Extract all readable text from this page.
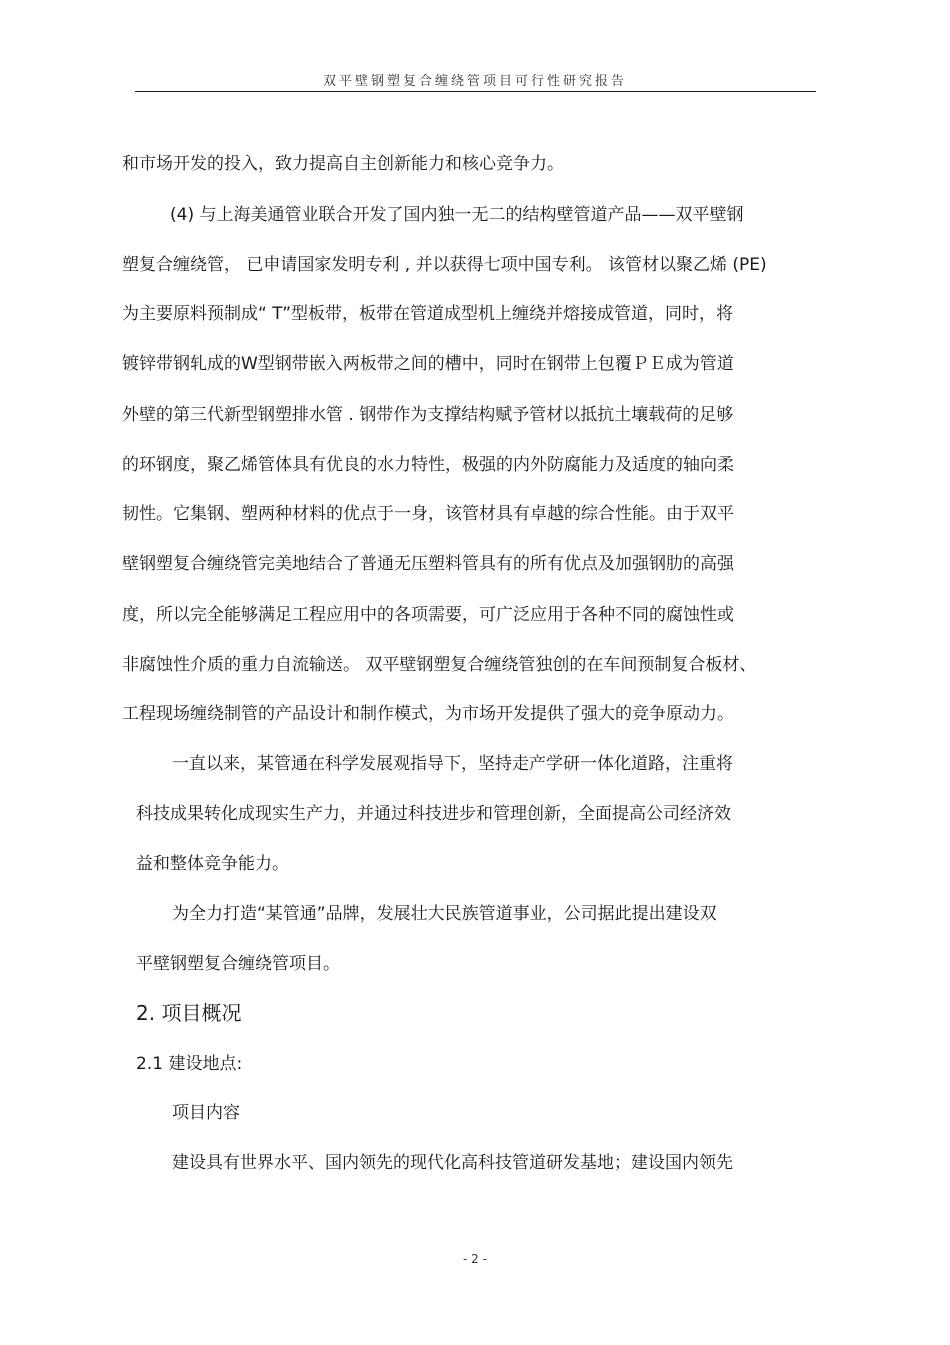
双平壁钢塑复合缠绕管项目可行性研究报告
和市场开发的投入，致力提高自主创新能力和核心竞争力。
(4) 与上海美通管业联合开发了国内独一无二的结构壁管道产品——双平壁钢
塑复合缠绕管， 已申请国家发明专利 , 并以获得七项中国专利。 该管材以聚乙烯 (PE)
为主要原料预制成“ T”型板带，板带在管道成型机上缠绕并熔接成管道，同时，将
镀锌带钢轧成的W型钢带嵌入两板带之间的槽中，同时在钢带上包覆ＰＥ成为管道
外壁的第三代新型钢塑排水管 . 钢带作为支撑结构赋予管材以抵抗土壤载荷的足够
的环钢度，聚乙烯管体具有优良的水力特性，极强的内外防腐能力及适度的轴向柔
韧性。它集钢、塑两种材料的优点于一身，该管材具有卓越的综合性能。由于双平
壁钢塑复合缠绕管完美地结合了普通无压塑料管具有的所有优点及加强钢肋的高强
度，所以完全能够满足工程应用中的各项需要，可广泛应用于各种不同的腐蚀性或
非腐蚀性介质的重力自流输送。 双平壁钢塑复合缠绕管独创的在车间预制复合板材、
工程现场缠绕制管的产品设计和制作模式，为市场开发提供了强大的竞争原动力。
一直以来，某管通在科学发展观指导下，坚持走产学研一体化道路，注重将
科技成果转化成现实生产力，并通过科技进步和管理创新，全面提高公司经济效
益和整体竞争能力。
为全力打造“某管通”品牌，发展壮大民族管道事业，公司据此提出建设双
平壁钢塑复合缠绕管项目。
2. 项目概况
2.1 建设地点:
项目内容
建设具有世界水平、国内领先的现代化高科技管道研发基地；建设国内领先
- 2 -
